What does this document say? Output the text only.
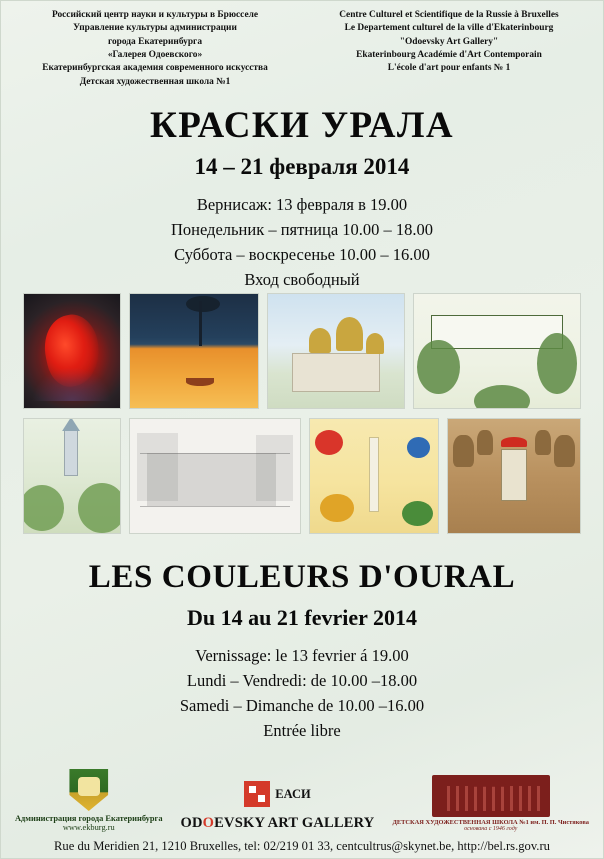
Российский центр науки и культуры в Брюсселе
Управление культуры администрации
города Екатеринбурга
«Галерея Одоевского»
Екатеринбургская академия современного искусства
Детская художественная школа №1
Centre Culturel et Scientifique de la Russie à Bruxelles
Le Departement culturel de la ville d'Ekaterinbourg
"Odoevsky Art Gallery"
Ekaterinbourg Académie d'Art Contemporain
L'école d'art pour enfants № 1
КРАСКИ УРАЛА
14 – 21 февраля 2014
Вернисаж: 13 февраля в 19.00
Понедельник – пятница 10.00 – 18.00
Суббота – воскресенье 10.00 – 16.00
Вход свободный
LES COULEURS D'OURAL
Du 14 au 21 fevrier 2014
Vernissage: le 13 fevrier á 19.00
Lundi – Vendredi: de 10.00 –18.00
Samedi – Dimanche de 10.00 –16.00
Entrée libre
Администрация города Екатеринбурга
www.ekburg.ru
ЕАСИ
ODOEVSKY ART GALLERY	ДЕТСКАЯ ХУДОЖЕСТВЕННАЯ ШКОЛА №1 им. П. П. Чистякова
основана с 1946 году
Rue du Meridien 21, 1210 Bruxelles, tel: 02/219 01 33, centcultrus@skynet.be, http://bel.rs.gov.ru
